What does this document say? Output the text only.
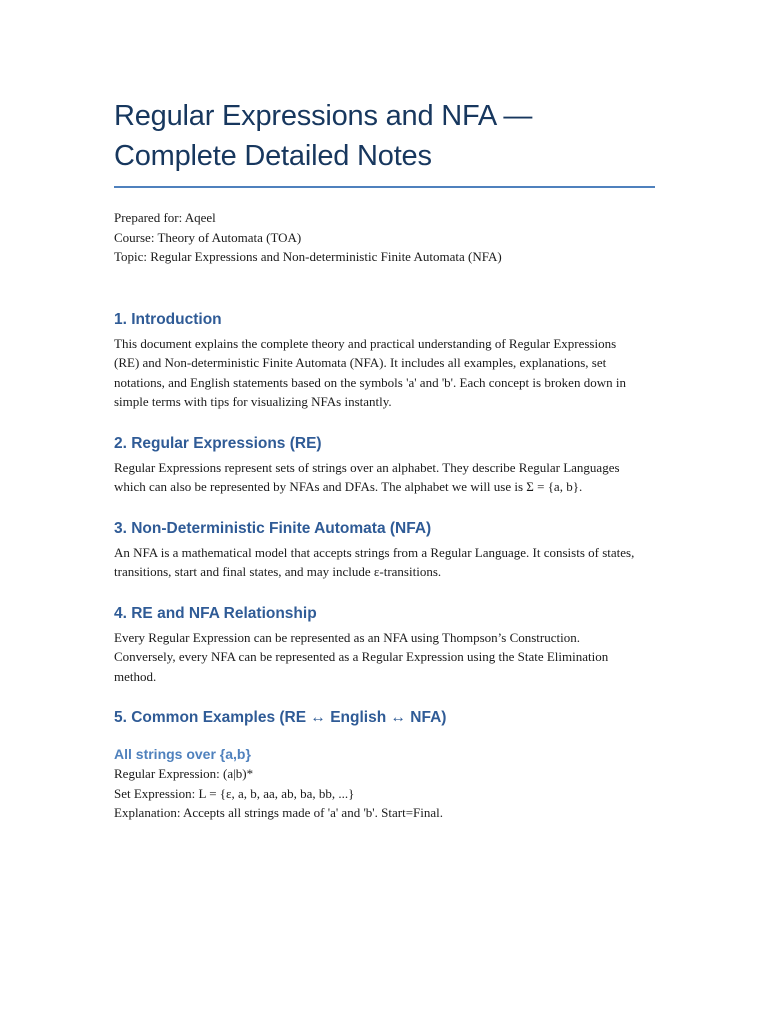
Regular Expressions and NFA —
Complete Detailed Notes
Prepared for: Aqeel
Course: Theory of Automata (TOA)
Topic: Regular Expressions and Non-deterministic Finite Automata (NFA)
1. Introduction

This document explains the complete theory and practical understanding of Regular Expressions (RE) and Non-deterministic Finite Automata (NFA). It includes all examples, explanations, set notations, and English statements based on the symbols 'a' and 'b'. Each concept is broken down in simple terms with tips for visualizing NFAs instantly.

2. Regular Expressions (RE)

Regular Expressions represent sets of strings over an alphabet. They describe Regular Languages which can also be represented by NFAs and DFAs. The alphabet we will use is Σ = {a, b}.

3. Non-Deterministic Finite Automata (NFA)

An NFA is a mathematical model that accepts strings from a Regular Language. It consists of states, transitions, start and final states, and may include ε-transitions.

4. RE and NFA Relationship

Every Regular Expression can be represented as an NFA using Thompson’s Construction. Conversely, every NFA can be represented as a Regular Expression using the State Elimination method.

5. Common Examples (RE ↔ English ↔ NFA)
All strings over {a,b}
Regular Expression: (a|b)*
Set Expression: L = {ε, a, b, aa, ab, ba, bb, ...}
Explanation: Accepts all strings made of 'a' and 'b'. Start=Final.
